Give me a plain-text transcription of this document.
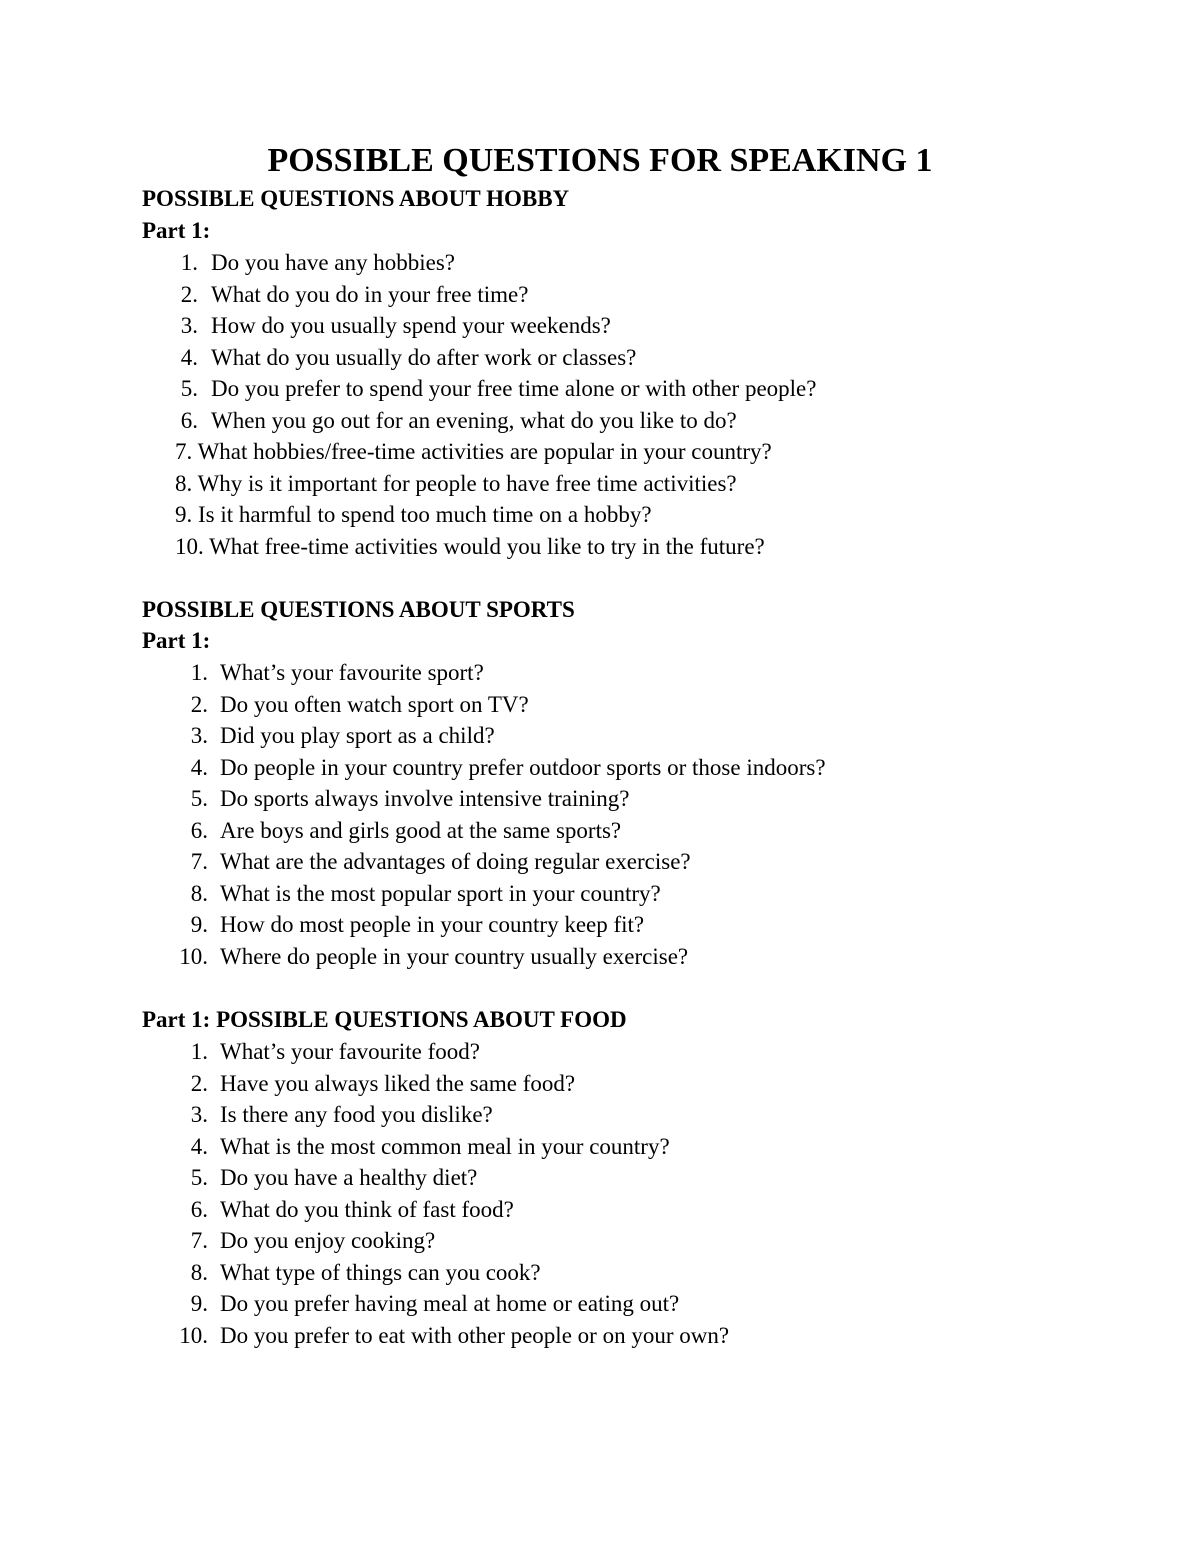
POSSIBLE QUESTIONS FOR SPEAKING 1
POSSIBLE QUESTIONS ABOUT HOBBY
Part 1:
1. Do you have any hobbies?
2. What do you do in your free time?
3. How do you usually spend your weekends?
4. What do you usually do after work or classes?
5. Do you prefer to spend your free time alone or with other people?
6. When you go out for an evening, what do you like to do?
7. What hobbies/free-time activities are popular in your country?
8. Why is it important for people to have free time activities?
9. Is it harmful to spend too much time on a hobby?
10. What free-time activities would you like to try in the future?
POSSIBLE QUESTIONS ABOUT SPORTS
Part 1:
1. What’s your favourite sport?
2. Do you often watch sport on TV?
3. Did you play sport as a child?
4. Do people in your country prefer outdoor sports or those indoors?
5. Do sports always involve intensive training?
6. Are boys and girls good at the same sports?
7. What are the advantages of doing regular exercise?
8. What is the most popular sport in your country?
9. How do most people in your country keep fit?
10. Where do people in your country usually exercise?
Part 1: POSSIBLE QUESTIONS ABOUT FOOD
1. What’s your favourite food?
2. Have you always liked the same food?
3. Is there any food you dislike?
4. What is the most common meal in your country?
5. Do you have a healthy diet?
6. What do you think of fast food?
7. Do you enjoy cooking?
8. What type of things can you cook?
9. Do you prefer having meal at home or eating out?
10. Do you prefer to eat with other people or on your own?
